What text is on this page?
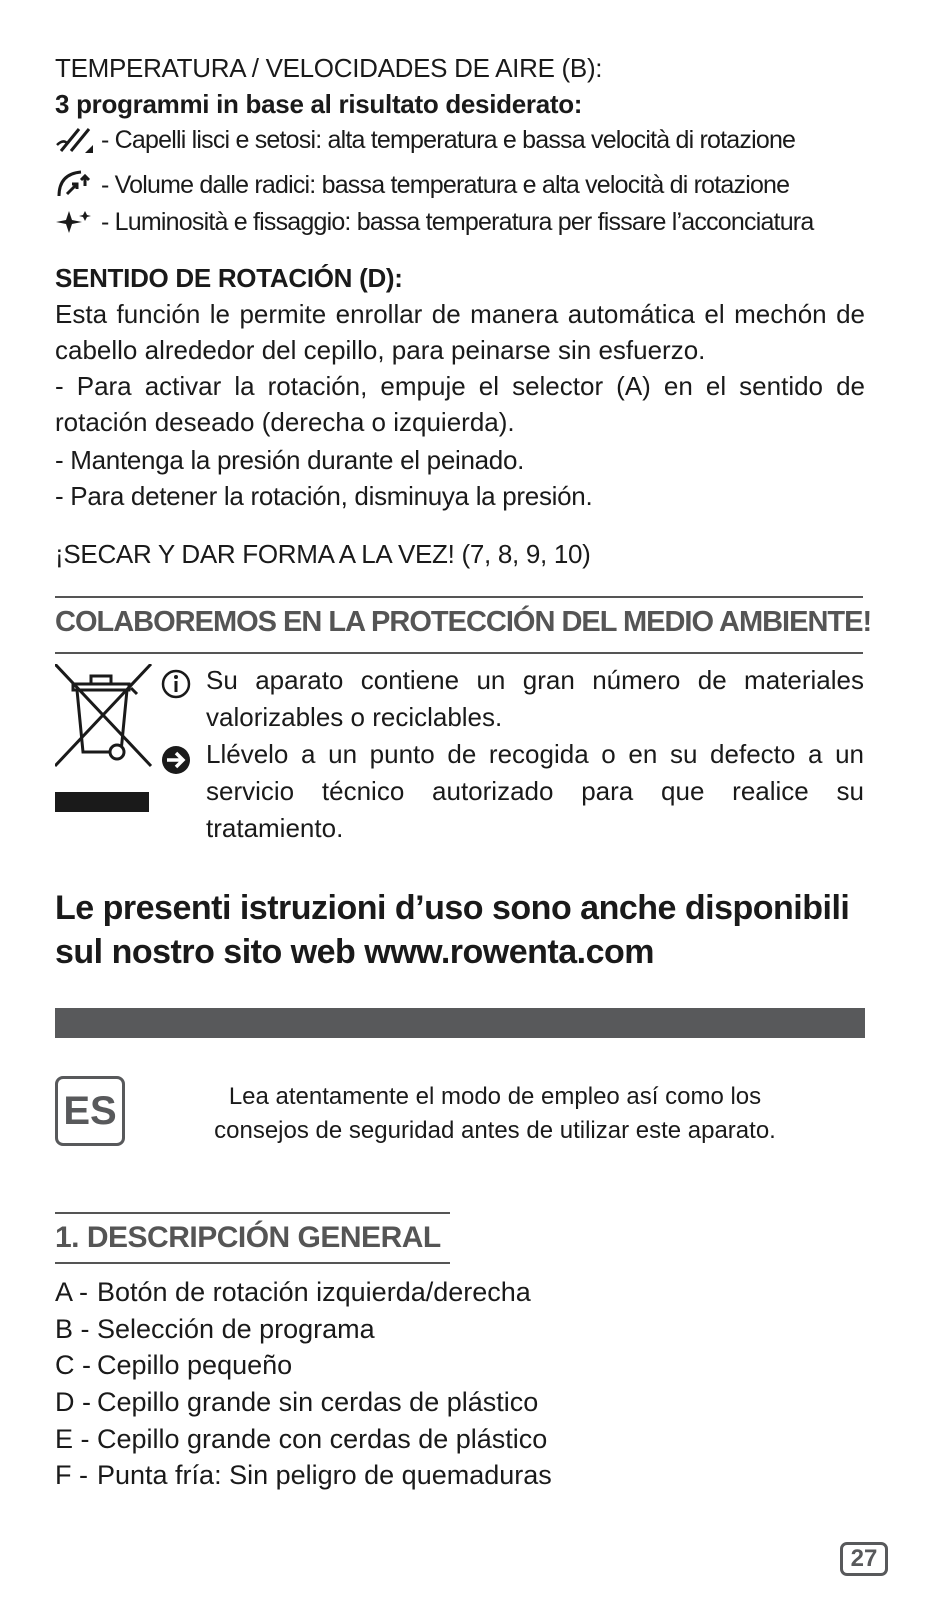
TEMPERATURA / VELOCIDADES DE AIRE (B):
3 programmi in base al risultato desiderato:
- Capelli lisci e setosi: alta temperatura e bassa velocità di rotazione
- Volume dalle radici: bassa temperatura e alta velocità di rotazione
- Luminosità e fissaggio: bassa temperatura per fissare l’acconciatura
SENTIDO DE ROTACIÓN (D):
Esta función le permite enrollar de manera automática el mechón de cabello alrededor del cepillo, para peinarse sin esfuerzo.
- Para activar la rotación, empuje el selector (A) en el sentido de rotación deseado (derecha o izquierda).
- Mantenga la presión durante el peinado.
- Para detener la rotación, disminuya la presión.
¡SECAR Y DAR FORMA A LA VEZ! (7, 8, 9, 10)
COLABOREMOS EN LA PROTECCIÓN DEL MEDIO AMBIENTE!
Su aparato contiene un gran número de materiales valorizables o reciclables.
Llévelo a un punto de recogida o en su defecto a un servicio técnico autorizado para que realice su tratamiento.
Le presenti istruzioni d’uso sono anche disponibili
sul nostro sito web www.rowenta.com
ES	Lea atentamente el modo de empleo así como los
consejos de seguridad antes de utilizar este aparato.
1. DESCRIPCIÓN GENERAL
A - Botón de rotación izquierda/derecha
B - Selección de programa
C - Cepillo pequeño
D - Cepillo grande sin cerdas de plástico
E - Cepillo grande con cerdas de plástico
F - Punta fría: Sin peligro de quemaduras
27
